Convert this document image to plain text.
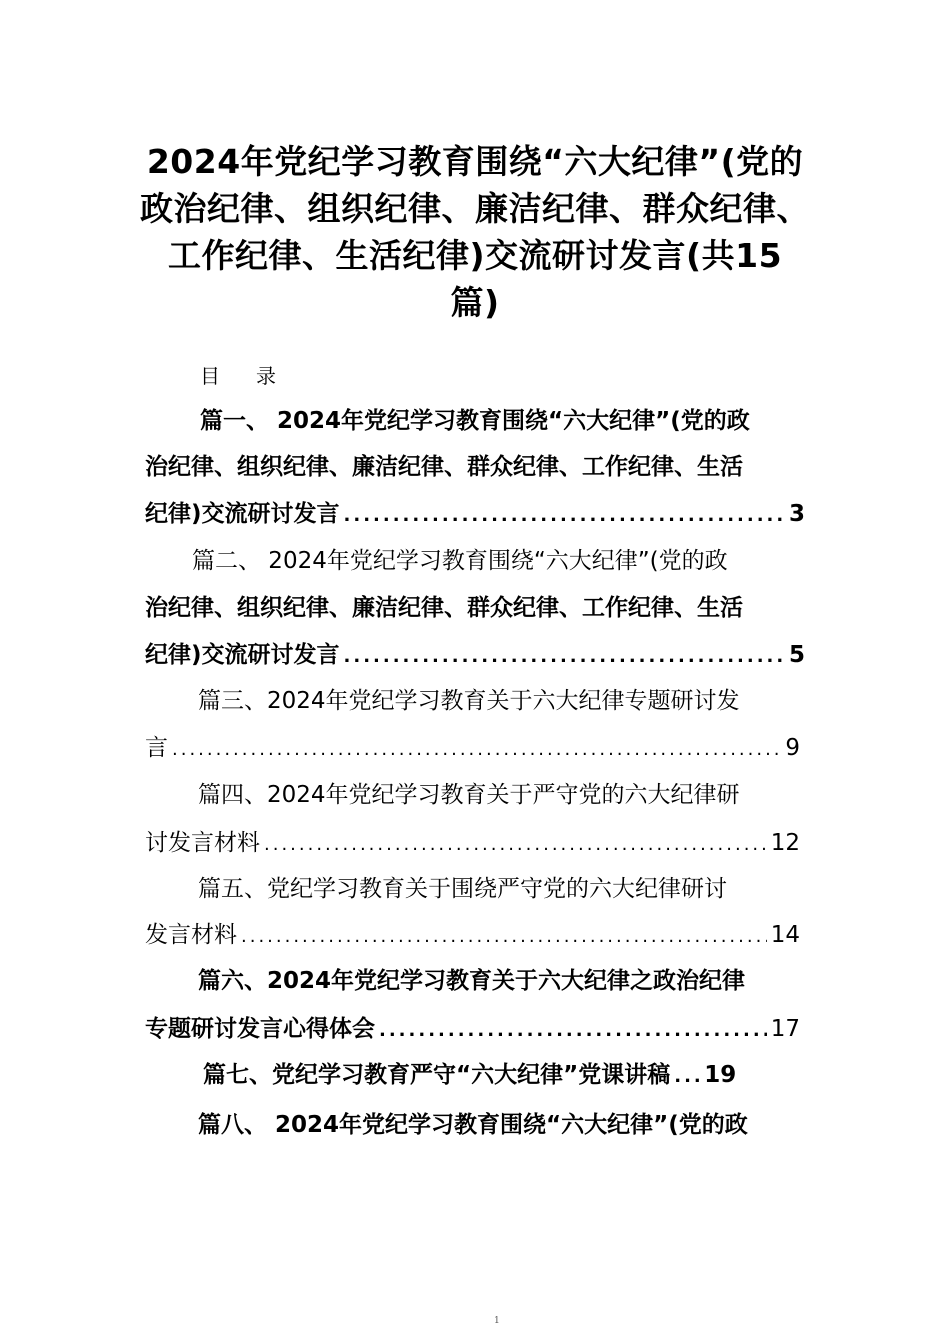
2024年党纪学习教育围绕“六大纪律”(党的
政治纪律、组织纪律、廉洁纪律、群众纪律、
工作纪律、生活纪律)交流研讨发言(共15
篇)
目录
篇一、 2024年党纪学习教育围绕“六大纪律”(党的政
治纪律、组织纪律、廉洁纪律、群众纪律、工作纪律、生活
纪律)交流研讨发言 .....	3
篇二、 2024年党纪学习教育围绕“六大纪律”(党的政
治纪律、组织纪律、廉洁纪律、群众纪律、工作纪律、生活
纪律)交流研讨发言 .....	5
篇三、2024年党纪学习教育关于六大纪律专题研讨发
言 .....	9
篇四、2024年党纪学习教育关于严守党的六大纪律研
讨发言材料 .....	12
篇五、党纪学习教育关于围绕严守党的六大纪律研讨
发言材料 .....	14
篇六、2024年党纪学习教育关于六大纪律之政治纪律
专题研讨发言心得体会 .....	17
篇七、党纪学习教育严守“六大纪律”党课讲稿 ..... 19
篇八、 2024年党纪学习教育围绕“六大纪律”(党的政
1
